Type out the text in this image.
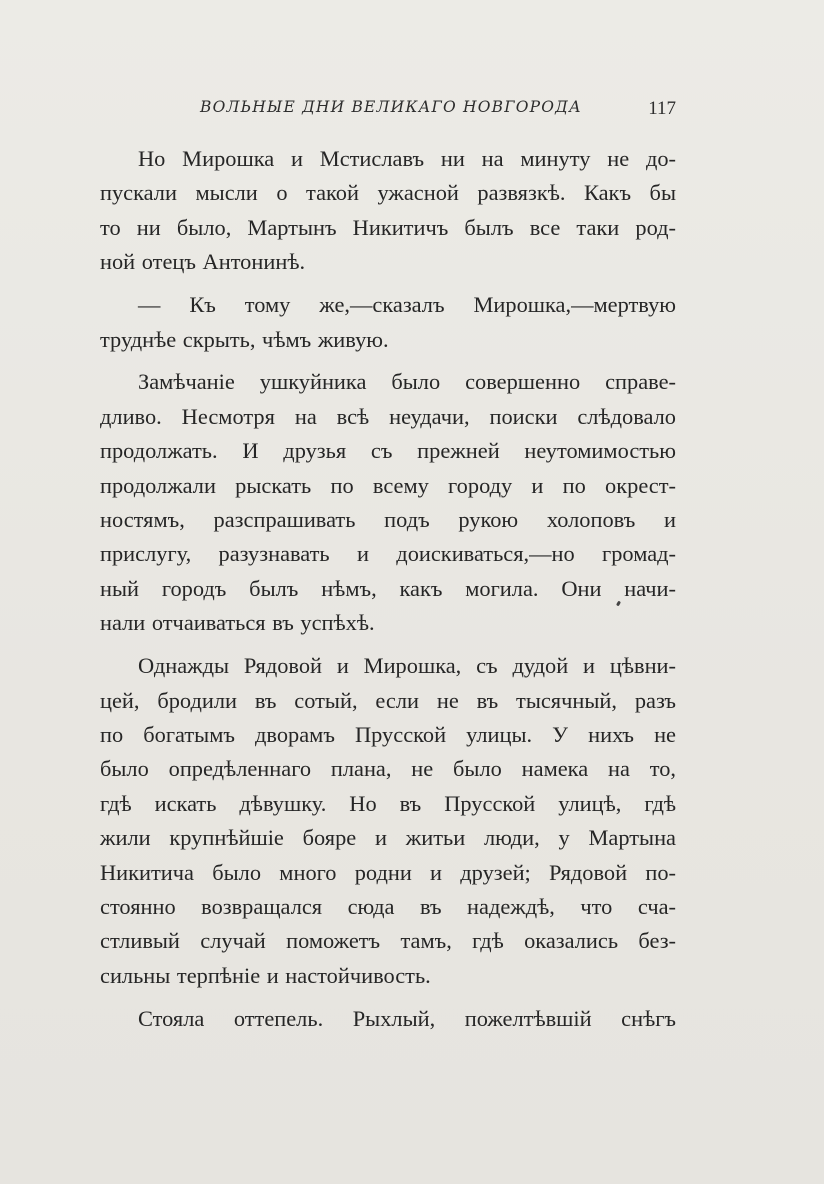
ВОЛЬНЫЕ ДНИ ВЕЛИКАГО НОВГОРОДА	117

Но Мирошка и Мстиславъ ни на минуту не до-
пускали мысли о такой ужасной развязкѣ. Какъ бы
то ни было, Мартынъ Никитичъ былъ все таки род-
ной отецъ Антонинѣ.

— Къ тому же,—сказалъ Мирошка,—мертвую
труднѣе скрыть, чѣмъ живую.

Замѣчаніе ушкуйника было совершенно справе-
дливо. Несмотря на всѣ неудачи, поиски слѣдовало
продолжать. И друзья съ прежней неутомимостью
продолжали рыскать по всему городу и по окрест-
ностямъ, разспрашивать подъ рукою холоповъ и
прислугу, разузнавать и доискиваться,—но громад-
ный городъ былъ нѣмъ, какъ могила. Они начи-
нали отчаиваться въ успѣхѣ.

Однажды Рядовой и Мирошка, съ дудой и цѣвни-
цей, бродили въ сотый, если не въ тысячный, разъ
по богатымъ дворамъ Прусской улицы. У нихъ не
было опредѣленнаго плана, не было намека на то,
гдѣ искать дѣвушку. Но въ Прусской улицѣ, гдѣ
жили крупнѣйшіе бояре и житьи люди, у Мартына
Никитича было много родни и друзей; Рядовой по-
стоянно возвращался сюда въ надеждѣ, что сча-
стливый случай поможетъ тамъ, гдѣ оказались без-
сильны терпѣніе и настойчивость.

Стояла оттепель. Рыхлый, пожелтѣвшій снѣгъ
